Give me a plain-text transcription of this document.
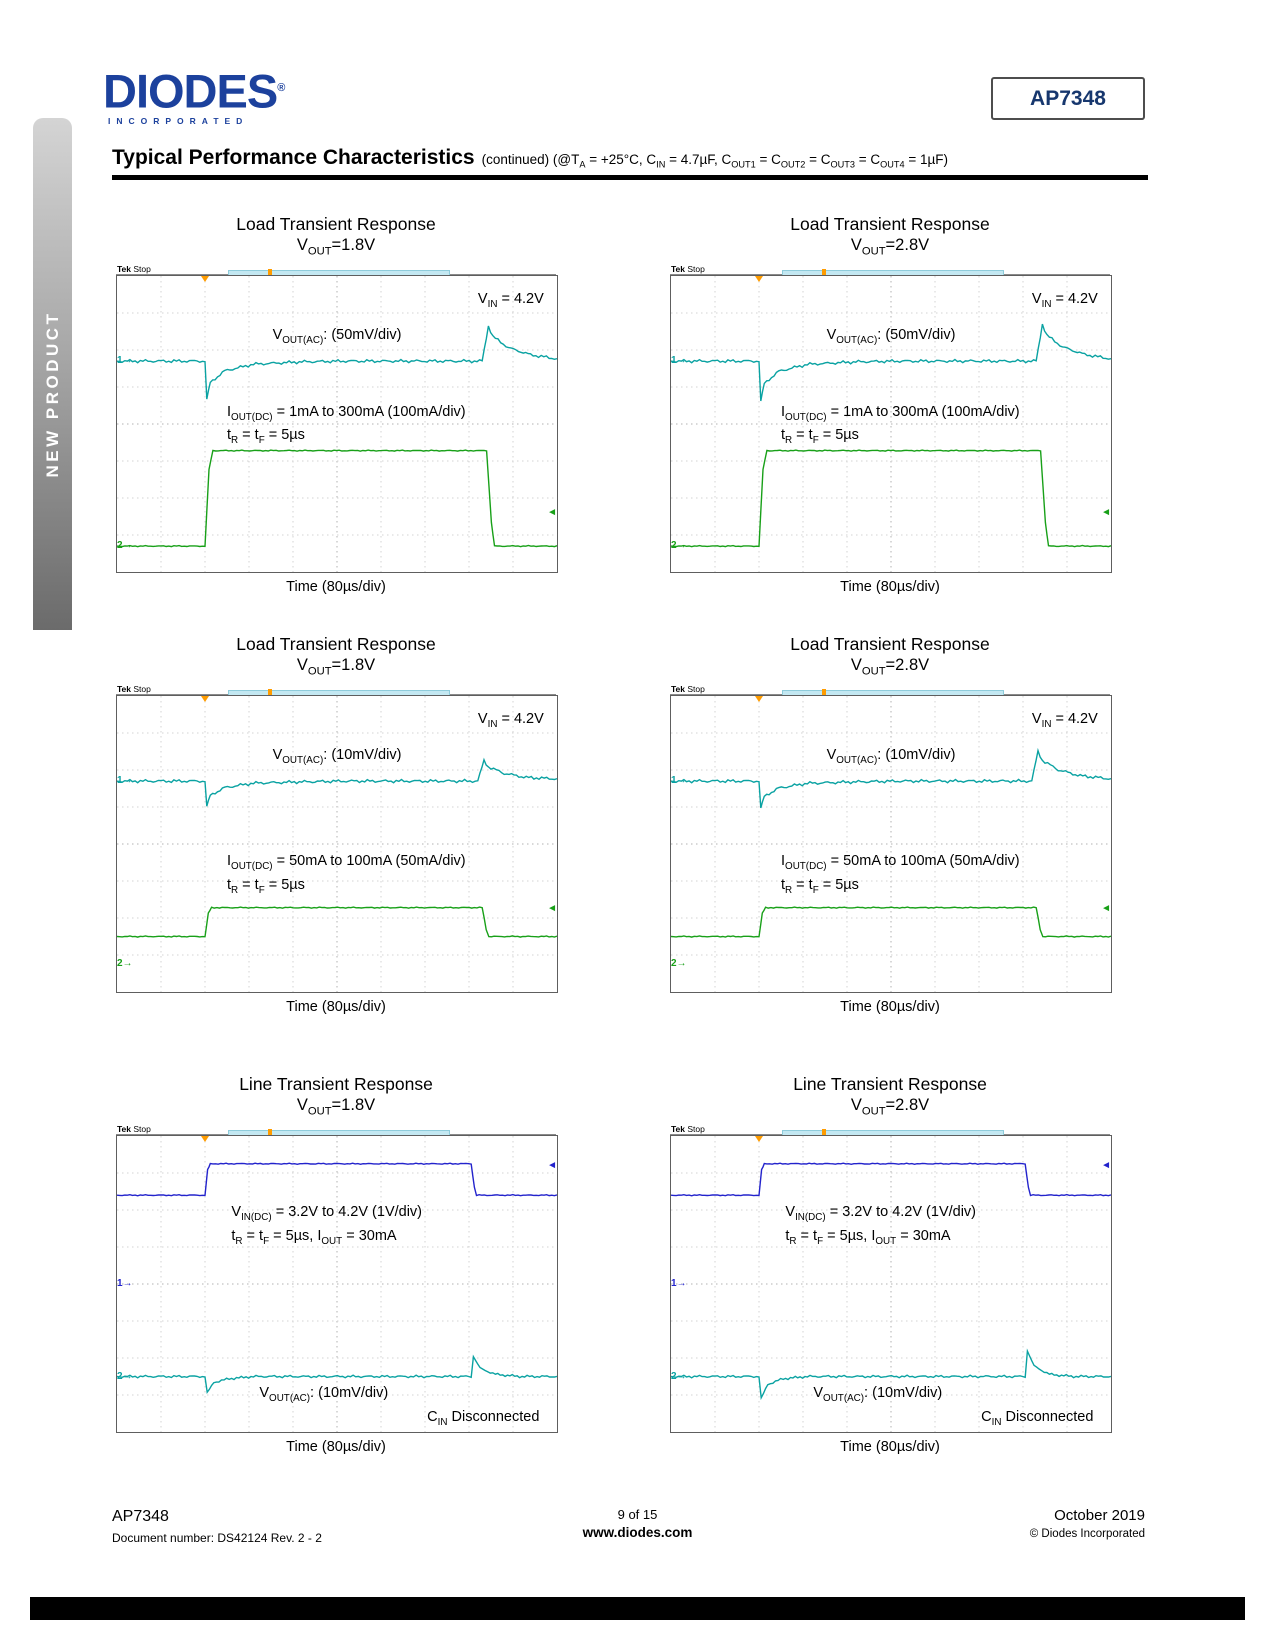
NEW PRODUCT
DIODES®
INCORPORATED
AP7348
Typical Performance Characteristics (continued) ($@T_A = +25^\circ C$, $C_{IN} = 4.7\mu F$, $C_{OUT1} = C_{OUT2} = C_{OUT3} = C_{OUT4} = 1\mu F$)
Load Transient Response
$V_{OUT}=1.8V$
Tek Stop
$V_{IN} = 4.2V$
$V_{OUT(AC)}$: (50mV/div)
$I_{OUT(DC)} = 1mA$ to 300mA (100mA/div)
$t_R = t_F = 5\mu s$
1→
2→
◄
Time (80µs/div)
Load Transient Response
$V_{OUT}=2.8V$
Tek Stop
$V_{IN} = 4.2V$
$V_{OUT(AC)}$: (50mV/div)
$I_{OUT(DC)} = 1mA$ to 300mA (100mA/div)
$t_R = t_F = 5\mu s$
1→
2→
◄
Time (80µs/div)
Load Transient Response
$V_{OUT}=1.8V$
Tek Stop
$V_{IN} = 4.2V$
$V_{OUT(AC)}$: (10mV/div)
$I_{OUT(DC)} = 50mA$ to 100mA (50mA/div)
$t_R = t_F = 5\mu s$
1→
2→
◄
Time (80µs/div)
Load Transient Response
$V_{OUT}=2.8V$
Tek Stop
$V_{IN} = 4.2V$
$V_{OUT(AC)}$: (10mV/div)
$I_{OUT(DC)} = 50mA$ to 100mA (50mA/div)
$t_R = t_F = 5\mu s$
1→
2→
◄
Time (80µs/div)
Line Transient Response
$V_{OUT}=1.8V$
Tek Stop
$V_{IN(DC)} = 3.2V$ to 4.2V (1V/div)
$t_R = t_F = 5\mu s$, $I_{OUT} = 30mA$
$V_{OUT(AC)}$: (10mV/div)
$C_{IN}$ Disconnected
1→
2→
◄
Time (80µs/div)
Line Transient Response
$V_{OUT}=2.8V$
Tek Stop
$V_{IN(DC)} = 3.2V$ to 4.2V (1V/div)
$t_R = t_F = 5\mu s$, $I_{OUT} = 30mA$
$V_{OUT(AC)}$: (10mV/div)
$C_{IN}$ Disconnected
1→
2→
◄
Time (80µs/div)
AP7348
Document number: DS42124 Rev. 2 - 2
9 of 15
www.diodes.com
October 2019
© Diodes Incorporated
